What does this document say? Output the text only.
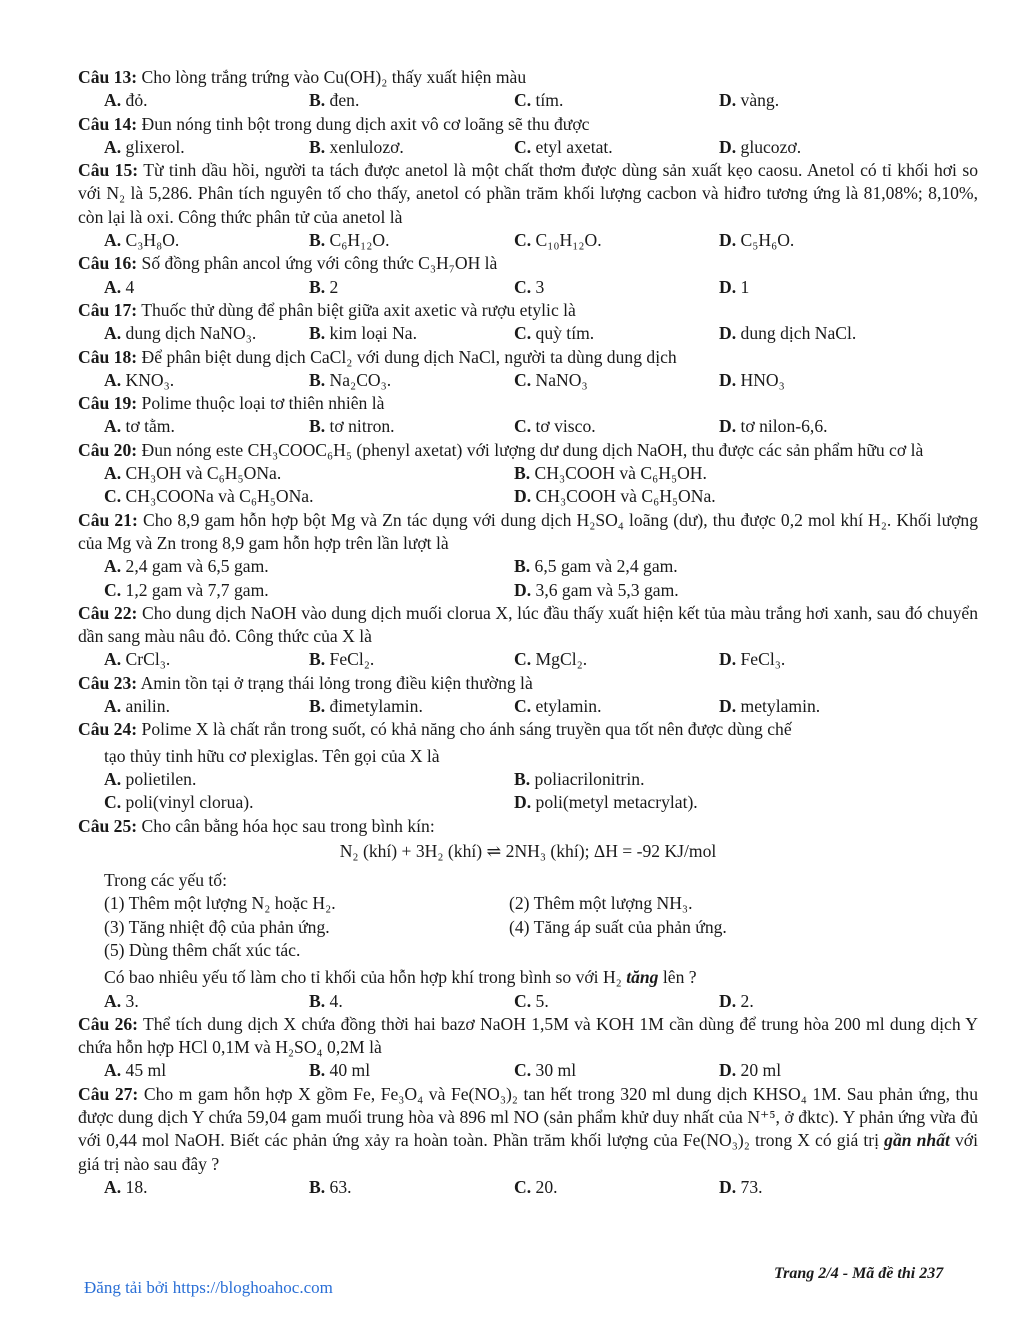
Câu 13: Cho lòng trắng trứng vào Cu(OH)₂ thấy xuất hiện màu
A. đỏ.	B. đen.	C. tím.	D. vàng.
Câu 14: Đun nóng tinh bột trong dung dịch axit vô cơ loãng sẽ thu được
A. glixerol.	B. xenlulozơ.	C. etyl axetat.	D. glucozơ.
Câu 15: Từ tinh dầu hồi, người ta tách được anetol là một chất thơm được dùng sản xuất kẹo caosu. Anetol có tỉ khối hơi so với N₂ là 5,286. Phân tích nguyên tố cho thấy, anetol có phần trăm khối lượng cacbon và hiđro tương ứng là 81,08%; 8,10%, còn lại là oxi. Công thức phân tử của anetol là
A. C₃H₈O.	B. C₆H₁₂O.	C. C₁₀H₁₂O.	D. C₅H₆O.
Câu 16: Số đồng phân ancol ứng với công thức C₃H₇OH là
A. 4	B. 2	C. 3	D. 1
Câu 17: Thuốc thử dùng để phân biệt giữa axit axetic và rượu etylic là
A. dung dịch NaNO₃.	B. kim loại Na.	C. quỳ tím.	D. dung dịch NaCl.
Câu 18: Để phân biệt dung dịch CaCl₂ với dung dịch NaCl, người ta dùng dung dịch
A. KNO₃.	B. Na₂CO₃.	C. NaNO₃	D. HNO₃
Câu 19: Polime thuộc loại tơ thiên nhiên là
A. tơ tằm.	B. tơ nitron.	C. tơ visco.	D. tơ nilon-6,6.
Câu 20: Đun nóng este CH₃COOC₆H₅ (phenyl axetat) với lượng dư dung dịch NaOH, thu được các sản phẩm hữu cơ là
A. CH₃OH và C₆H₅ONa.	B. CH₃COOH và C₆H₅OH.
C. CH₃COONa và C₆H₅ONa.	D. CH₃COOH và C₆H₅ONa.
Câu 21: Cho 8,9 gam hỗn hợp bột Mg và Zn tác dụng với dung dịch H₂SO₄ loãng (dư), thu được 0,2 mol khí H₂. Khối lượng của Mg và Zn trong 8,9 gam hỗn hợp trên lần lượt là
A. 2,4 gam và 6,5 gam.	B. 6,5 gam và 2,4 gam.
C. 1,2 gam và 7,7 gam.	D. 3,6 gam và 5,3 gam.
Câu 22: Cho dung dịch NaOH vào dung dịch muối clorua X, lúc đầu thấy xuất hiện kết tủa màu trắng hơi xanh, sau đó chuyển dần sang màu nâu đỏ. Công thức của X là
A. CrCl₃.	B. FeCl₂.	C. MgCl₂.	D. FeCl₃.
Câu 23: Amin tồn tại ở trạng thái lỏng trong điều kiện thường là
A. anilin.	B. đimetylamin.	C. etylamin.	D. metylamin.
Câu 24: Polime X là chất rắn trong suốt, có khả năng cho ánh sáng truyền qua tốt nên được dùng chế
tạo thủy tinh hữu cơ plexiglas. Tên gọi của X là
A. polietilen.	B. poliacrilonitrin.
C. poli(vinyl clorua).	D. poli(metyl metacrylat).
Câu 25: Cho cân bằng hóa học sau trong bình kín:
N₂ (khí) + 3H₂ (khí) ⇌ 2NH₃ (khí); ΔH = -92 KJ/mol
Trong các yếu tố:
(1) Thêm một lượng N₂ hoặc H₂.	(2) Thêm một lượng NH₃.
(3) Tăng nhiệt độ của phản ứng.	(4) Tăng áp suất của phản ứng.
(5) Dùng thêm chất xúc tác.
Có bao nhiêu yếu tố làm cho tỉ khối của hỗn hợp khí trong bình so với H₂ tăng lên ?
A. 3.	B. 4.	C. 5.	D. 2.
Câu 26: Thể tích dung dịch X chứa đồng thời hai bazơ NaOH 1,5M và KOH 1M cần dùng để trung hòa 200 ml dung dịch Y chứa hỗn hợp HCl 0,1M và H₂SO₄ 0,2M là
A. 45 ml	B. 40 ml	C. 30 ml	D. 20 ml
Câu 27: Cho m gam hỗn hợp X gồm Fe, Fe₃O₄ và Fe(NO₃)₂ tan hết trong 320 ml dung dịch KHSO₄ 1M. Sau phản ứng, thu được dung dịch Y chứa 59,04 gam muối trung hòa và 896 ml NO (sản phẩm khử duy nhất của N⁺⁵, ở đktc). Y phản ứng vừa đủ với 0,44 mol NaOH. Biết các phản ứng xảy ra hoàn toàn. Phần trăm khối lượng của Fe(NO₃)₂ trong X có giá trị gần nhất với giá trị nào sau đây ?
A. 18.	B. 63.	C. 20.	D. 73.
Đăng tải bởi https://bloghoahoc.com
Trang 2/4 - Mã đề thi 237
